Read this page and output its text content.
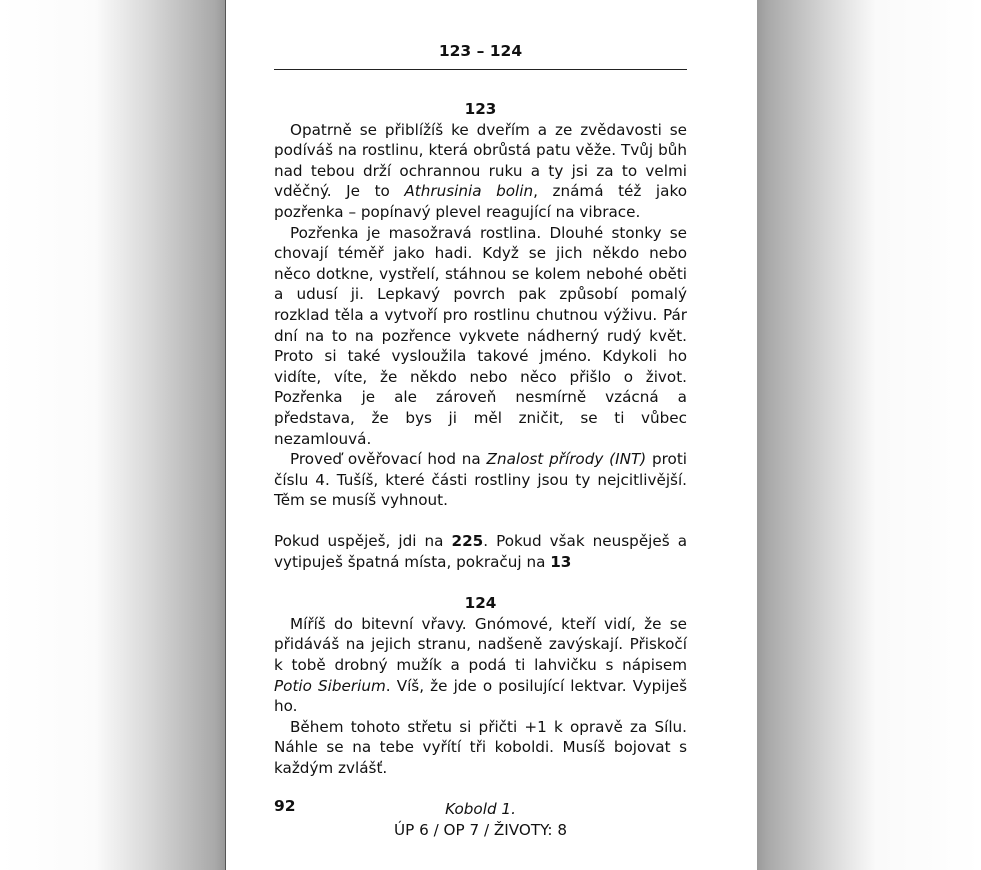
123 – 124
123

Opatrně se přiblížíš ke dveřím a ze zvědavosti se podíváš na rostlinu, která obrůstá patu věže. Tvůj bůh nad tebou drží ochrannou ruku a ty jsi za to velmi vděčný. Je to Athrusinia bolin, známá též jako pozřenka – popínavý plevel reagující na vibrace.

Pozřenka je masožravá rostlina. Dlouhé stonky se chovají téměř jako hadi. Když se jich někdo nebo něco dotkne, vystřelí, stáhnou se kolem nebohé oběti a udusí ji. Lepkavý povrch pak způsobí pomalý rozklad těla a vytvoří pro rostlinu chutnou výživu. Pár dní na to na pozřence vykvete nádherný rudý květ. Proto si také vysloužila takové jméno. Kdykoli ho vidíte, víte, že někdo nebo něco přišlo o život. Pozřenka je ale zároveň nesmírně vzácná a představa, že bys ji měl zničit, se ti vůbec nezamlouvá.

Proveď ověřovací hod na Znalost přírody (INT) proti číslu 4. Tušíš, které části rostliny jsou ty nejcitlivější. Těm se musíš vyhnout.

Pokud uspěješ, jdi na 225. Pokud však neuspěješ a vytipuješ špatná místa, pokračuj na 13

124

Míříš do bitevní vřavy. Gnómové, kteří vidí, že se přidáváš na jejich stranu, nadšeně zavýskají. Přiskočí k tobě drobný mužík a podá ti lahvičku s nápisem Potio Siberium. Víš, že jde o posilující lektvar. Vypiješ ho.

Během tohoto střetu si přičti +1 k opravě za Sílu. Náhle se na tebe vyřítí tři koboldi. Musíš bojovat s každým zvlášť.

Kobold 1.
ÚP 6 / OP 7 / ŽIVOTY: 8
92
